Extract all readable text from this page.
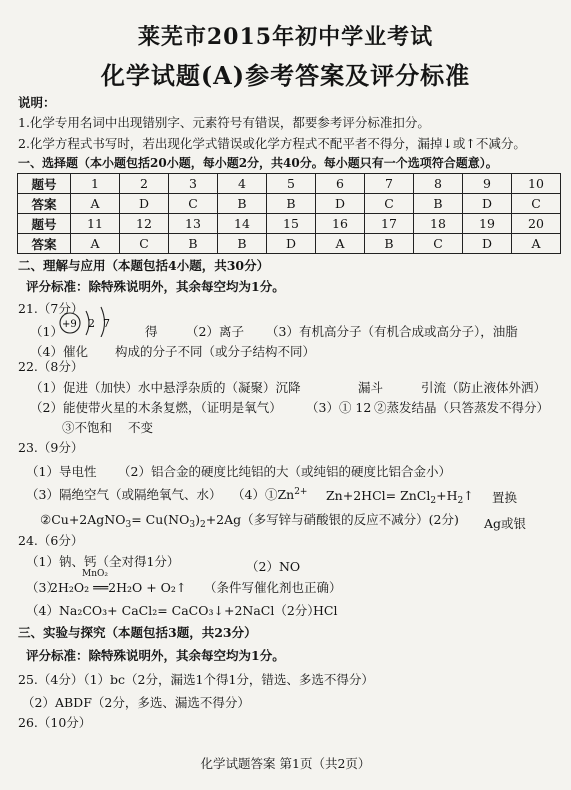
莱芜市2015年初中学业考试
化学试题(A)参考答案及评分标准
说明：
1.化学专用名词中出现错别字、元素符号有错误，都要参考评分标准扣分。
2.化学方程式书写时，若出现化学式错误或化学方程式不配平者不得分，漏掉↓或↑不减分。
一、选择题（本小题包括20小题，每小题2分，共40分。每小题只有一个选项符合题意）。
题号	1	2	3	4	5	6	7	8	9	10
答案	A	D	C	B	B	D	C	B	D	C
题号	11	12	13	14	15	16	17	18	19	20
答案	A	C	B	B	D	A	B	C	D	A
二、理解与应用（本题包括4小题，共30分）
评分标准：除特殊说明外，其余每空均为1分。
21.（7分）
（1） +9 2 7
得 （2）离子 （3）有机高分子（有机合成或高分子），油脂
（4）催化 构成的分子不同（或分子结构不同）
22.（8分）
（1）促进（加快）水中悬浮杂质的（凝聚）沉降	漏斗	引流（防止液体外洒）
（2）能使带火星的木条复燃，（证明是氧气） （3）① 12 ②蒸发结晶（只答蒸发不得分）
③不饱和 不变
23.（9分）
（1）导电性 （2）铝合金的硬度比纯铝的大（或纯铝的硬度比铝合金小）
（3）隔绝空气（或隔绝氧气、水） $(4)①Zn^{2+}$ $Zn+2HCl= ZnCl_2+H_2↑$ 置换
②Cu+2AgNO$_3$= $Cu(NO_3)_2+2Ag$（多写锌与硝酸银的反应不减分）(2分) Ag或银
24.（6分）
（1）钠、钙（全对得1分）	（2）NO
MnO₂
（3）
2H₂O₂ ══2H₂O + O₂↑ （条件写催化剂也正确）
（4）Na₂CO₃+ CaCl₂= CaCO₃↓+2NaCl（2分）
HCl
三、实验与探究（本题包括3题，共23分）
评分标准：除特殊说明外，其余每空均为1分。
25.（4分）（1）bc（2分，漏选1个得1分，错选、多选不得分）
（2）ABDF（2分，多选、漏选不得分）
26.（10分）
化学试题答案 第1页（共2页）
